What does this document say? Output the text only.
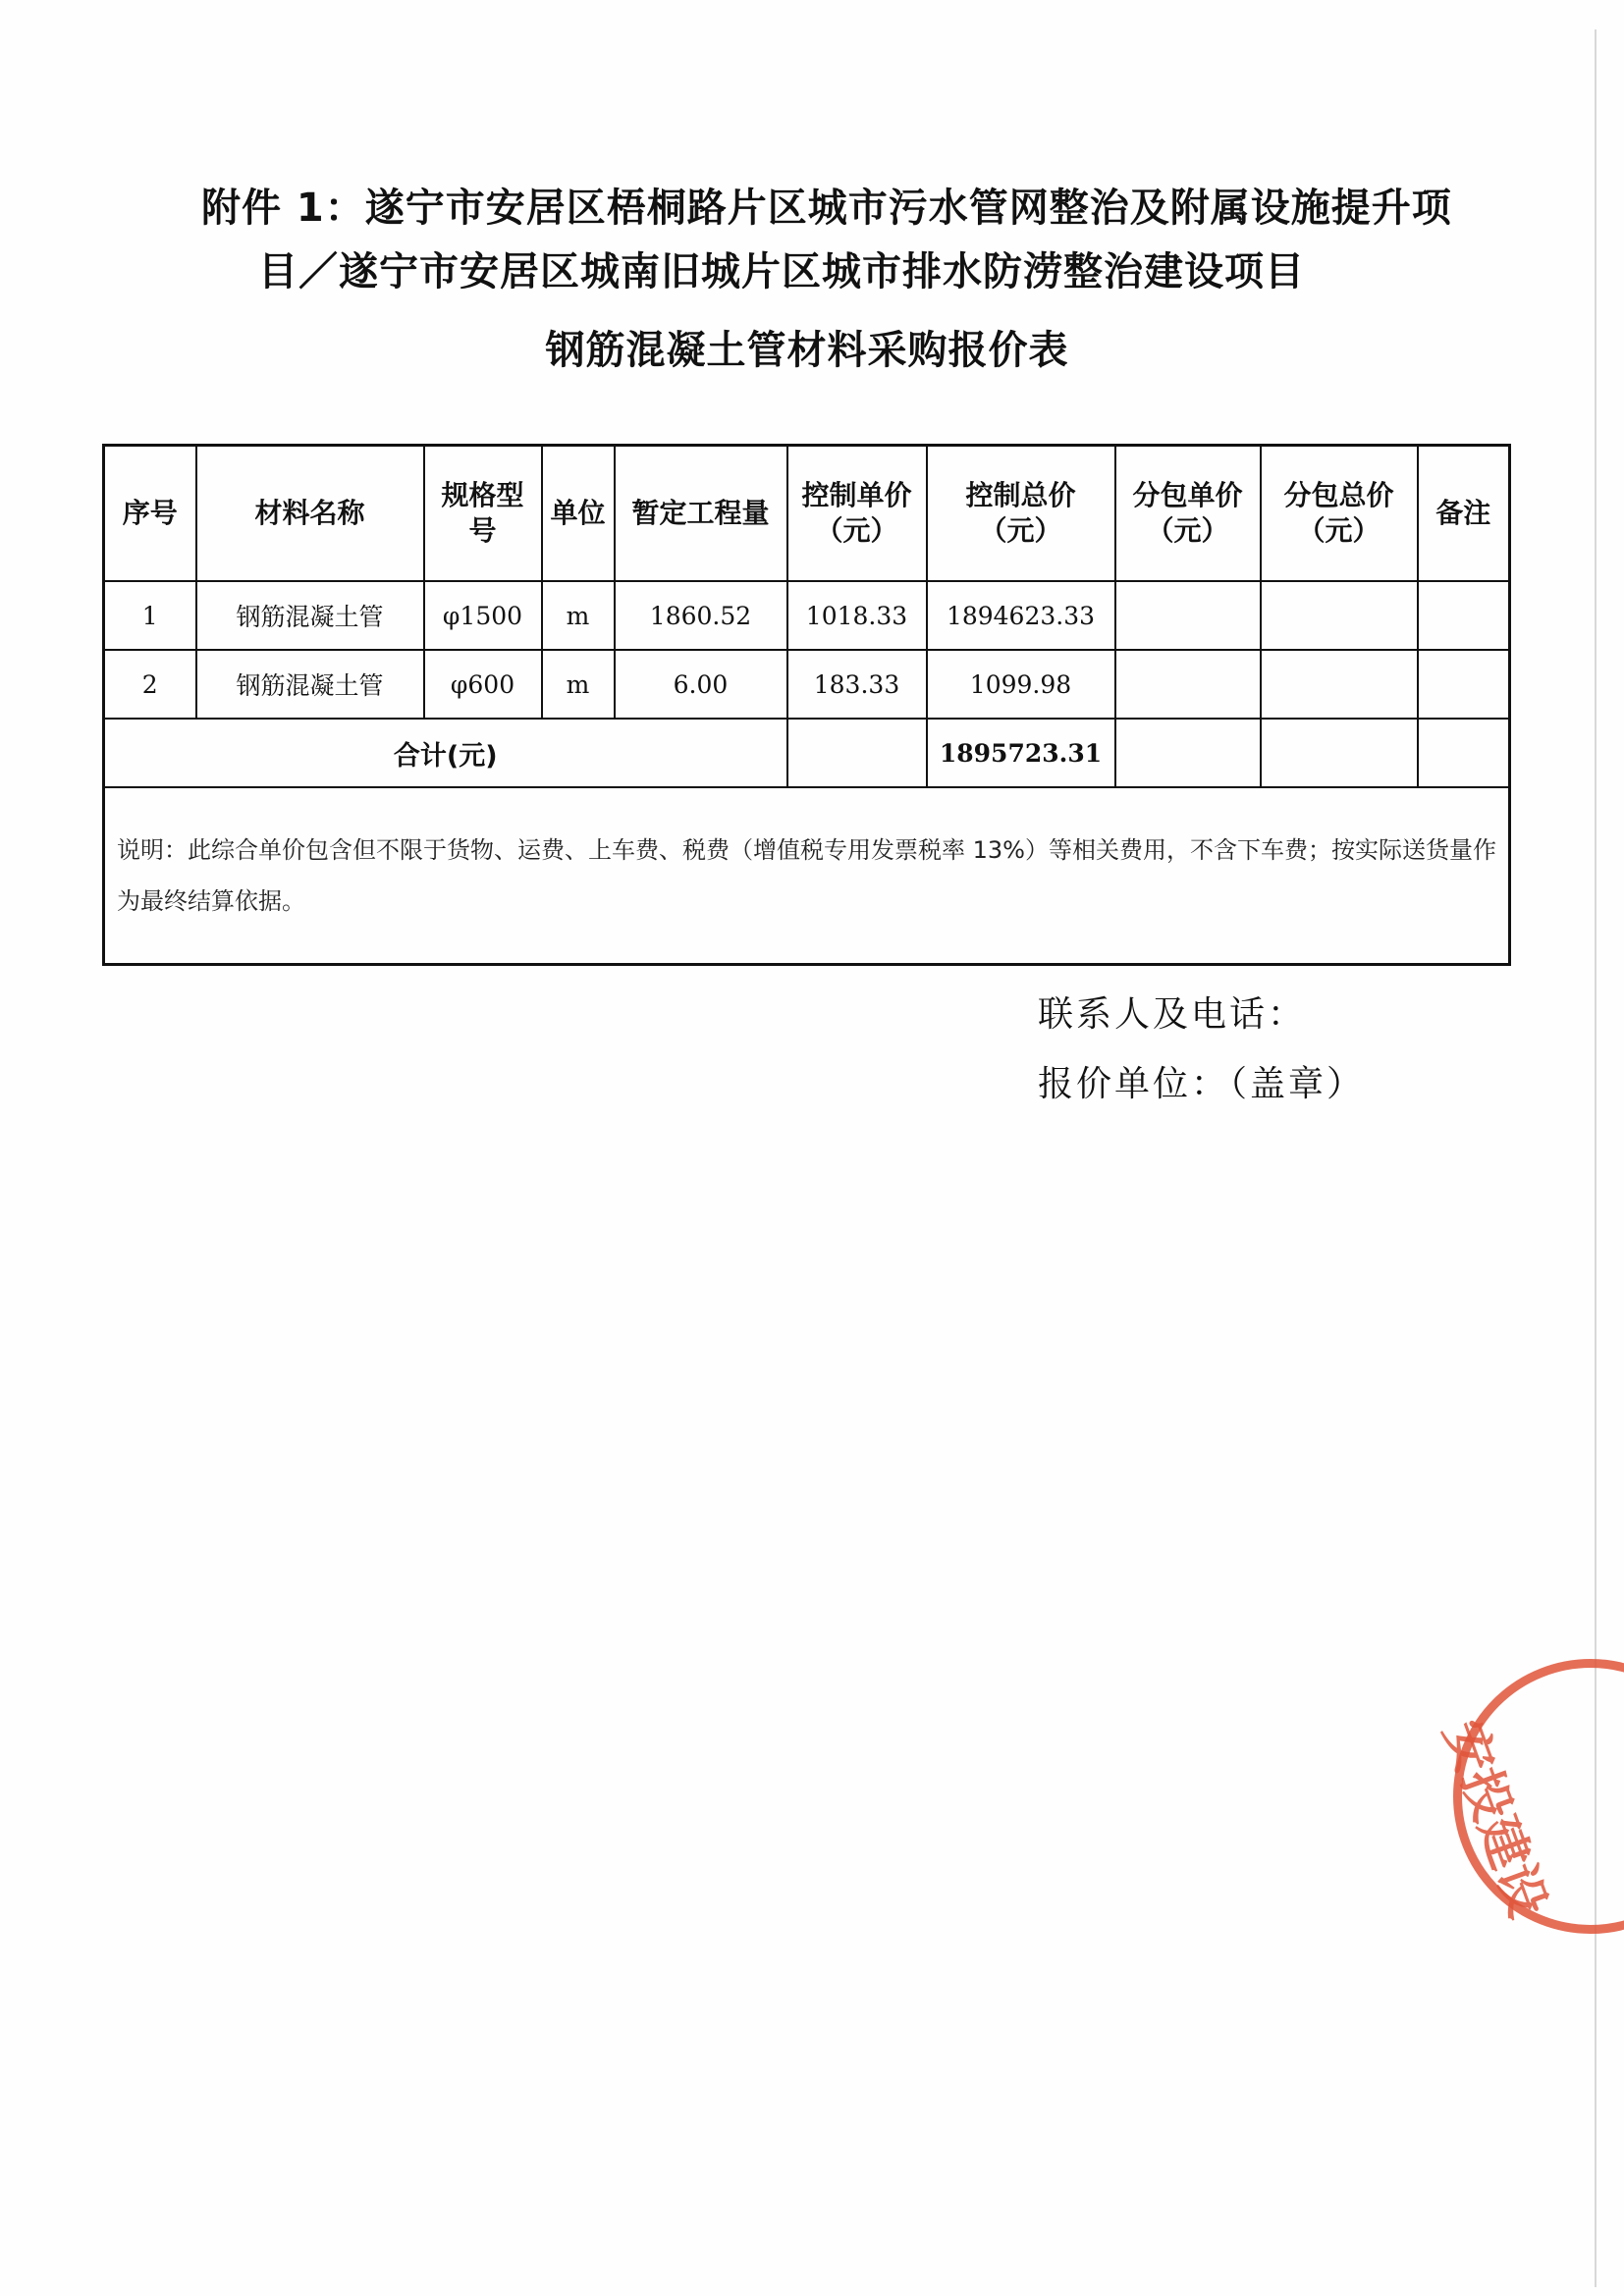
附件 1：遂宁市安居区梧桐路片区城市污水管网整治及附属设施提升项
目／遂宁市安居区城南旧城片区城市排水防涝整治建设项目
钢筋混凝土管材料采购报价表
序号	材料名称	规格型号	单位	暂定工程量	控制单价（元）	控制总价（元）	分包单价（元）	分包总价（元）	备注
1	钢筋混凝土管	φ1500	m	1860.52	1018.33	1894623.33			
2	钢筋混凝土管	φ600	m	6.00	183.33	1099.98			
合计(元)						1895723.31			
说明：此综合单价包含但不限于货物、运费、上车费、税费（增值税专用发票税率 13%）等相关费用，不含下车费；按实际送货量作为最终结算依据。									
联系人及电话：
报价单位：（盖章）
安投建设
